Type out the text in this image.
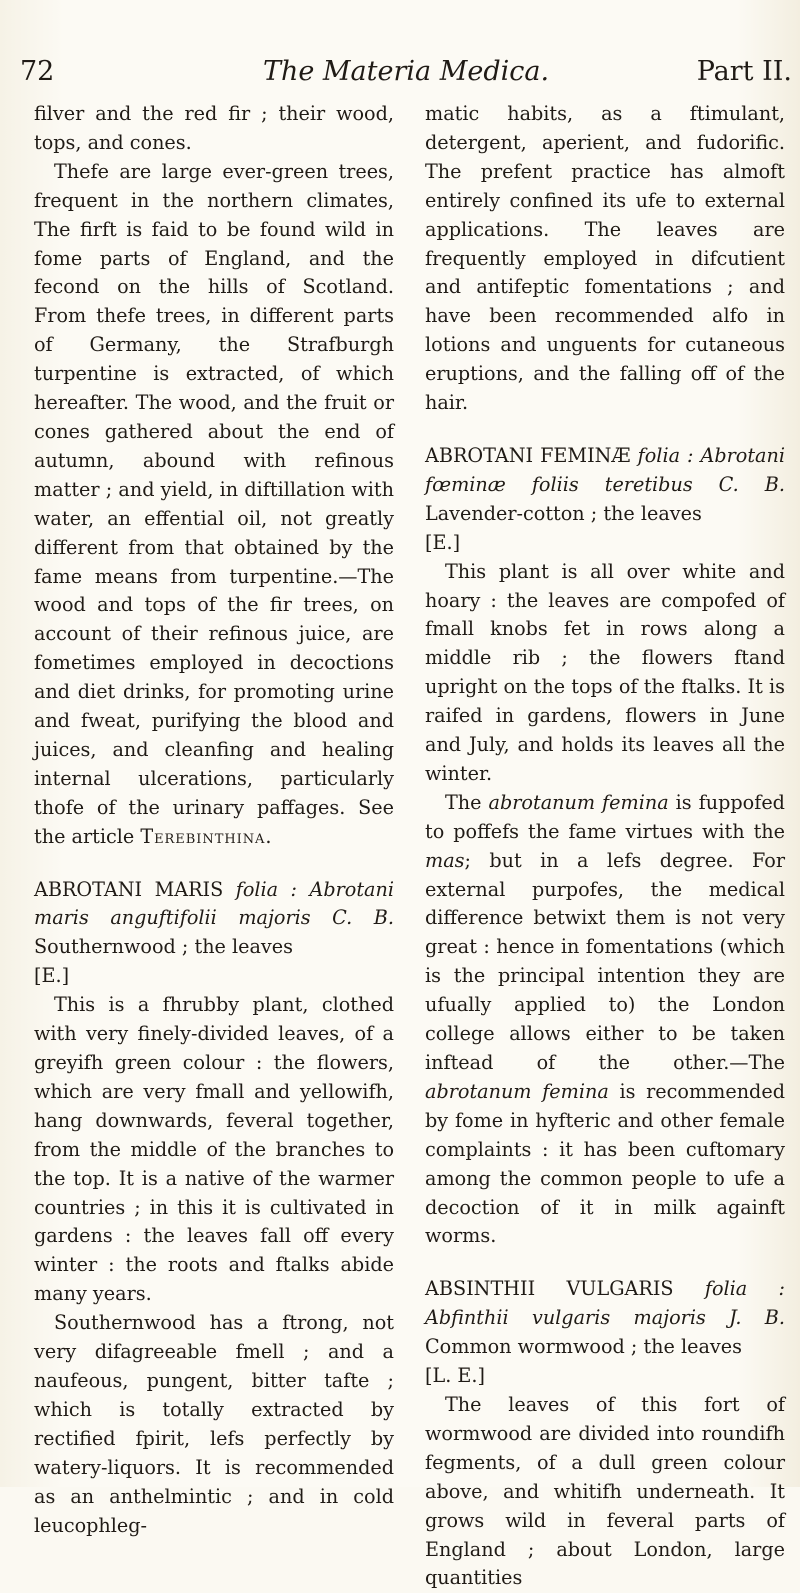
72	The Materia Medica.	Part II.

filver and the red fir ; their wood, tops, and cones.

Thefe are large ever-green trees, frequent in the northern climates, The firft is faid to be found wild in fome parts of England, and the fecond on the hills of Scotland. From thefe trees, in different parts of Germany, the Strafburgh turpentine is extracted, of which hereafter. The wood, and the fruit or cones gathered about the end of autumn, abound with refinous matter ; and yield, in diftillation with water, an effential oil, not greatly different from that obtained by the fame means from turpentine.—The wood and tops of the fir trees, on account of their refinous juice, are fometimes employed in decoctions and diet drinks, for promoting urine and fweat, purifying the blood and juices, and cleanfing and healing internal ulcerations, particularly thofe of the urinary paffages. See the article Terebinthina.

ABROTANI MARIS folia : Abrotani maris anguftifolii majoris C. B. Southernwood ; the leaves
[E.]

This is a fhrubby plant, clothed with very finely-divided leaves, of a greyifh green colour : the flowers, which are very fmall and yellowifh, hang downwards, feveral together, from the middle of the branches to the top. It is a native of the warmer countries ; in this it is cultivated in gardens : the leaves fall off every winter : the roots and ftalks abide many years.

Southernwood has a ftrong, not very difagreeable fmell ; and a naufeous, pungent, bitter tafte ; which is totally extracted by rectified fpirit, lefs perfectly by watery-liquors. It is recommended as an anthelmintic ; and in cold leucophleg-

matic habits, as a ftimulant, detergent, aperient, and fudorific. The prefent practice has almoft entirely confined its ufe to external applications. The leaves are frequently employed in difcutient and antifeptic fomentations ; and have been recommended alfo in lotions and unguents for cutaneous eruptions, and the falling off of the hair.

ABROTANI FEMINÆ folia : Abrotani fœminæ foliis teretibus C. B. Lavender-cotton ; the leaves
[E.]

This plant is all over white and hoary : the leaves are compofed of fmall knobs fet in rows along a middle rib ; the flowers ftand upright on the tops of the ftalks. It is raifed in gardens, flowers in June and July, and holds its leaves all the winter.

The abrotanum femina is fuppofed to poffefs the fame virtues with the mas; but in a lefs degree. For external purpofes, the medical difference betwixt them is not very great : hence in fomentations (which is the principal intention they are ufually applied to) the London college allows either to be taken inftead of the other.—The abrotanum femina is recommended by fome in hyfteric and other female complaints : it has been cuftomary among the common people to ufe a decoction of it in milk againft worms.

ABSINTHII VULGARIS folia : Abfinthii vulgaris majoris J. B. Common wormwood ; the leaves
[L. E.]

The leaves of this fort of wormwood are divided into roundifh fegments, of a dull green colour above, and whitifh underneath. It grows wild in feveral parts of England ; about London, large quantities
